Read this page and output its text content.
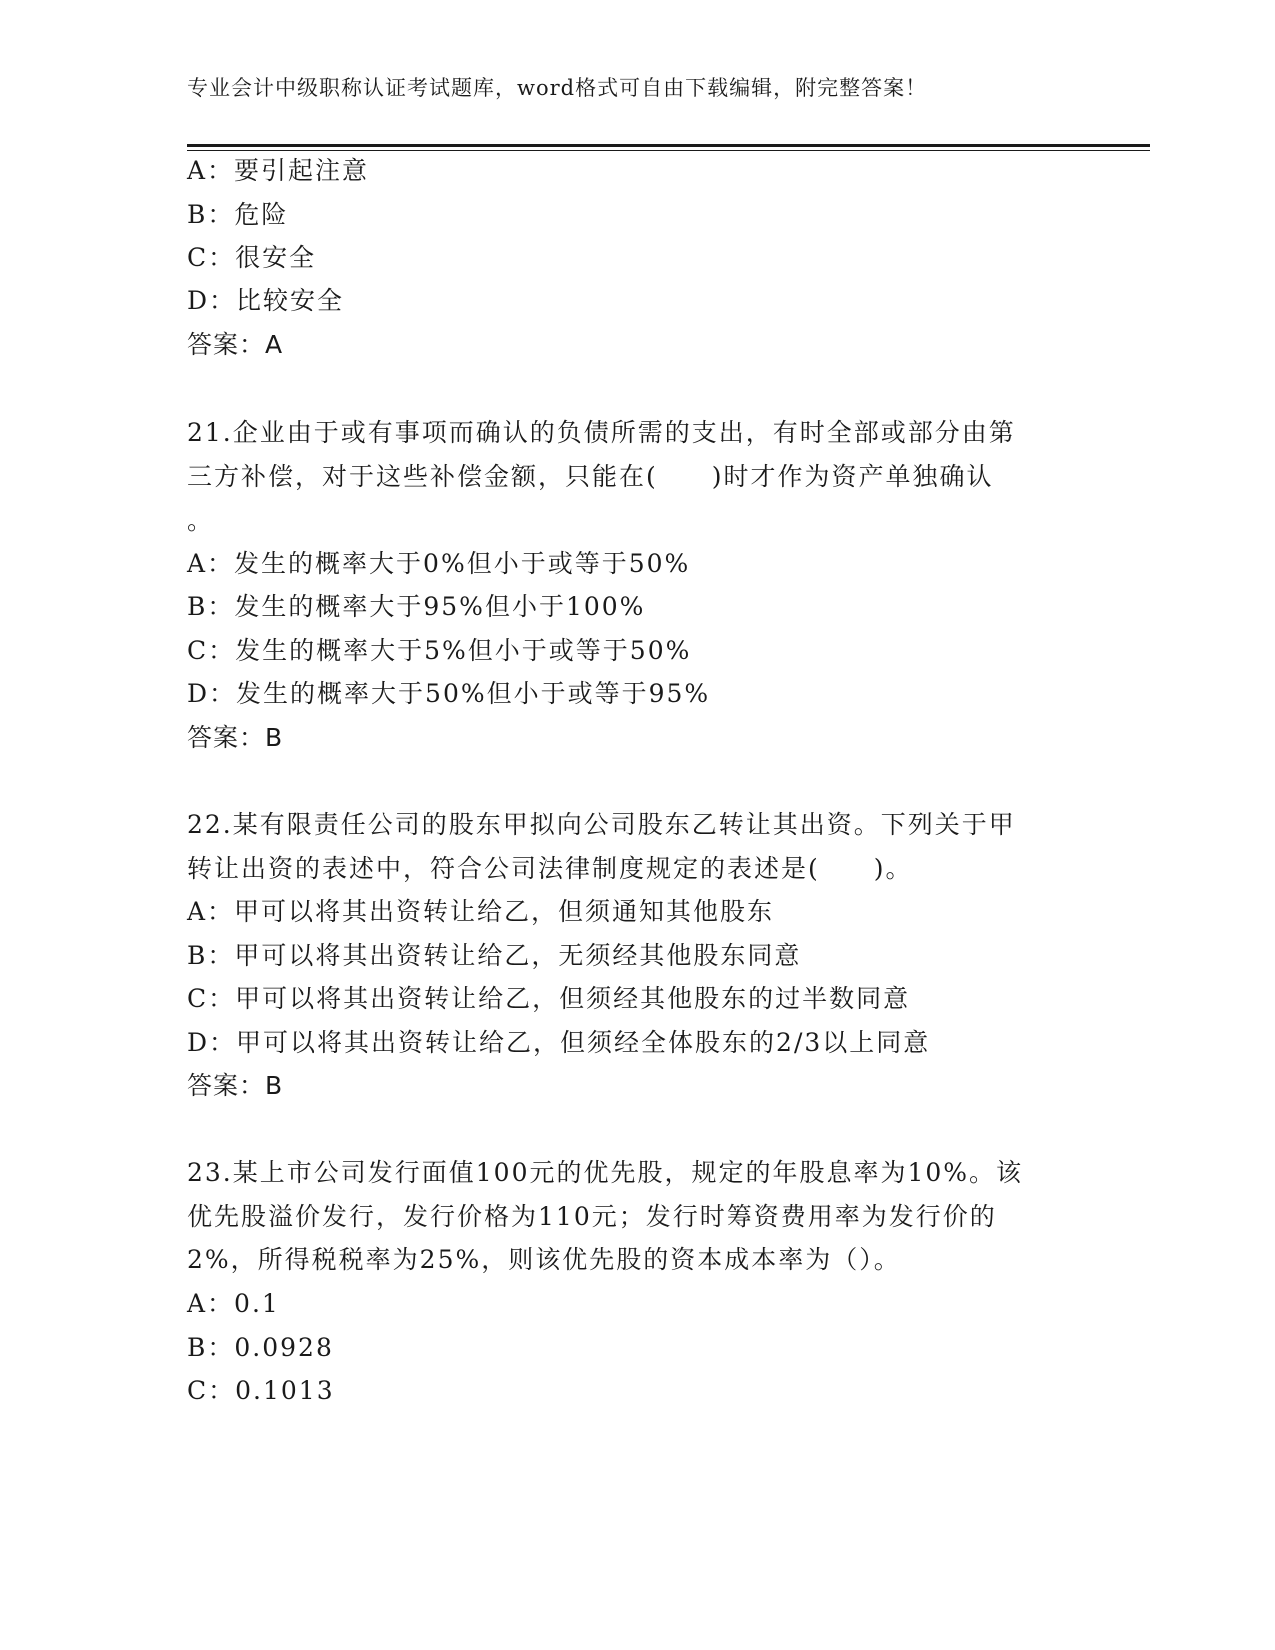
专业会计中级职称认证考试题库，word格式可自由下载编辑，附完整答案！
A：要引起注意
B：危险
C：很安全
D：比较安全
答案：A
21.企业由于或有事项而确认的负债所需的支出，有时全部或部分由第
三方补偿，对于这些补偿金额，只能在(　　)时才作为资产单独确认
。
A：发生的概率大于0%但小于或等于50%
B：发生的概率大于95%但小于100%
C：发生的概率大于5%但小于或等于50%
D：发生的概率大于50%但小于或等于95%
答案：B
22.某有限责任公司的股东甲拟向公司股东乙转让其出资。下列关于甲
转让出资的表述中，符合公司法律制度规定的表述是(　　)。
A：甲可以将其出资转让给乙，但须通知其他股东
B：甲可以将其出资转让给乙，无须经其他股东同意
C：甲可以将其出资转让给乙，但须经其他股东的过半数同意
D：甲可以将其出资转让给乙，但须经全体股东的2/3以上同意
答案：B
23.某上市公司发行面值100元的优先股，规定的年股息率为10%。该
优先股溢价发行，发行价格为110元；发行时筹资费用率为发行价的
2%，所得税税率为25%，则该优先股的资本成本率为（）。
A：0.1
B：0.0928
C：0.1013
